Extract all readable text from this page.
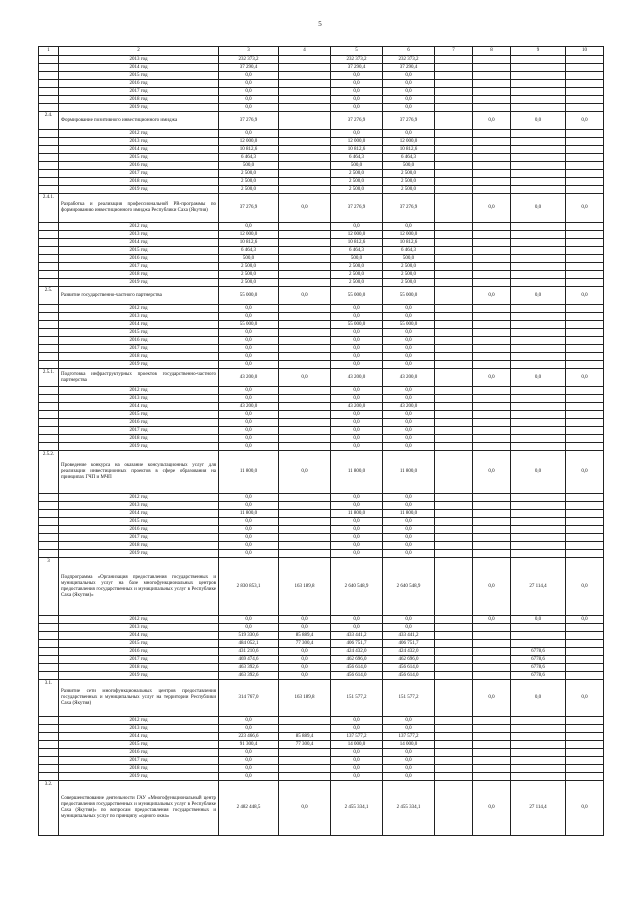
5
1	2	3	4	5	6	7	8	9	10
	2013 год	232 373,2		232 373,2	232 373,2				
	2014 год	37 290,4		37 290,4	37 290,4				
	2015 год	0,0		0,0	0,0				
	2016 год	0,0		0,0	0,0				
	2017 год	0,0		0,0	0,0				
	2018 год	0,0		0,0	0,0				
	2019 год	0,0		0,0	0,0				
2.4.	Формирование позитивного инвестиционного имиджа	37 276,9		37 276,9	37 276,9		0,0	0,0	0,0
	2012 год	0,0		0,0	0,0				
	2013 год	12 000,0		12 000,0	12 000,0				
	2014 год	10 812,6		10 812,6	10 812,6				
	2015 год	6 464,3		6 464,3	6 464,3				
	2016 год	500,0		500,0	500,0				
	2017 год	2 500,0		2 500,0	2 500,0				
	2018 год	2 500,0		2 500,0	2 500,0				
	2019 год	2 500,0		2 500,0	2 500,0				
2.4.1.	Разработка и реализация профессиональной PR-программы по формированию инвестиционного имиджа Республики Саха (Якутия)	37 276,9	0,0	37 276,9	37 276,9		0,0	0,0	0,0
	2012 год	0,0		0,0	0,0				
	2013 год	12 000,0		12 000,0	12 000,0				
	2014 год	10 812,6		10 812,6	10 812,6				
	2015 год	6 464,3		6 464,3	6 464,3				
	2016 год	500,0		500,0	500,0				
	2017 год	2 500,0		2 500,0	2 500,0				
	2018 год	2 500,0		2 500,0	2 500,0				
	2019 год	2 500,0		2 500,0	2 500,0				
2.5.	Развитие государственно-частного партнерства	55 000,0	0,0	55 000,0	55 000,0		0,0	0,0	0,0
	2012 год	0,0		0,0	0,0				
	2013 год	0,0		0,0	0,0				
	2014 год	55 000,0		55 000,0	55 000,0				
	2015 год	0,0		0,0	0,0				
	2016 год	0,0		0,0	0,0				
	2017 год	0,0		0,0	0,0				
	2018 год	0,0		0,0	0,0				
	2019 год	0,0		0,0	0,0				
2.5.1.	Подготовка инфраструктурных проектов государственно-частного партнерства	43 200,0	0,0	43 200,0	43 200,0		0,0	0,0	0,0
	2012 год	0,0		0,0	0,0				
	2013 год	0,0		0,0	0,0				
	2014 год	43 200,0		43 200,0	43 200,0				
	2015 год	0,0		0,0	0,0				
	2016 год	0,0		0,0	0,0				
	2017 год	0,0		0,0	0,0				
	2018 год	0,0		0,0	0,0				
	2019 год	0,0		0,0	0,0				
2.5.2.	Проведение конкурса на оказание консультационных услуг для реализации инвестиционных проектов в сфере образования на принципах ГЧП и МЧП	11 800,0	0,0	11 800,0	11 800,0		0,0	0,0	0,0
	2012 год	0,0		0,0	0,0				
	2013 год	0,0		0,0	0,0				
	2014 год	11 800,0		11 800,0	11 800,0				
	2015 год	0,0		0,0	0,0				
	2016 год	0,0		0,0	0,0				
	2017 год	0,0		0,0	0,0				
	2018 год	0,0		0,0	0,0				
	2019 год	0,0		0,0	0,0				
3	Подпрограмма «Организация предоставления государственных и муниципальных услуг на базе многофункциональных центров предоставления государственных и муниципальных услуг в Республике Саха (Якутия)»	2 830 853,1	163 189,8	2 640 548,9	2 640 548,9		0,0	27 114,4	0,0
	2012 год	0,0	0,0	0,0	0,0		0,0	0,0	0,0
	2013 год	0,0	0,0	0,0	0,0				
	2014 год	519 330,6	85 889,4	433 441,2	433 441,2				
	2015 год	484 052,1	77 300,4	406 751,7	406 751,7				
	2016 год	431 210,6	0,0	424 432,0	424 432,0			6778,6	
	2017 год	469 474,6	0,0	462 696,0	462 696,0			6778,6	
	2018 год	463 392,6	0,0	456 614,0	456 614,0			6778,6	
	2019 год	463 392,6	0,0	456 614,0	456 614,0			6778,6	
3.1.	Развитие сети многофункциональных центров предоставления государственных и муниципальных услуг на территории Республики Саха (Якутия)	314 767,0	163 189,8	151 577,2	151 577,2		0,0	0,0	0,0
	2012 год	0,0		0,0	0,0				
	2013 год	0,0		0,0	0,0				
	2014 год	223 466,6	85 889,4	137 577,2	137 577,2				
	2015 год	91 300,4	77 300,4	14 000,0	14 000,0				
	2016 год	0,0		0,0	0,0				
	2017 год	0,0		0,0	0,0				
	2018 год	0,0		0,0	0,0				
	2019 год	0,0		0,0	0,0				
3.2.	Совершенствование деятельности ГАУ «Многофункциональный центр предоставления государственных и муниципальных услуг в Республике Саха (Якутия)» по вопросам предоставления государственных и муниципальных услуг по принципу «одного окна»	2 482 448,5	0,0	2 455 334,1	2 455 334,1		0,0	27 114,4	0,0
